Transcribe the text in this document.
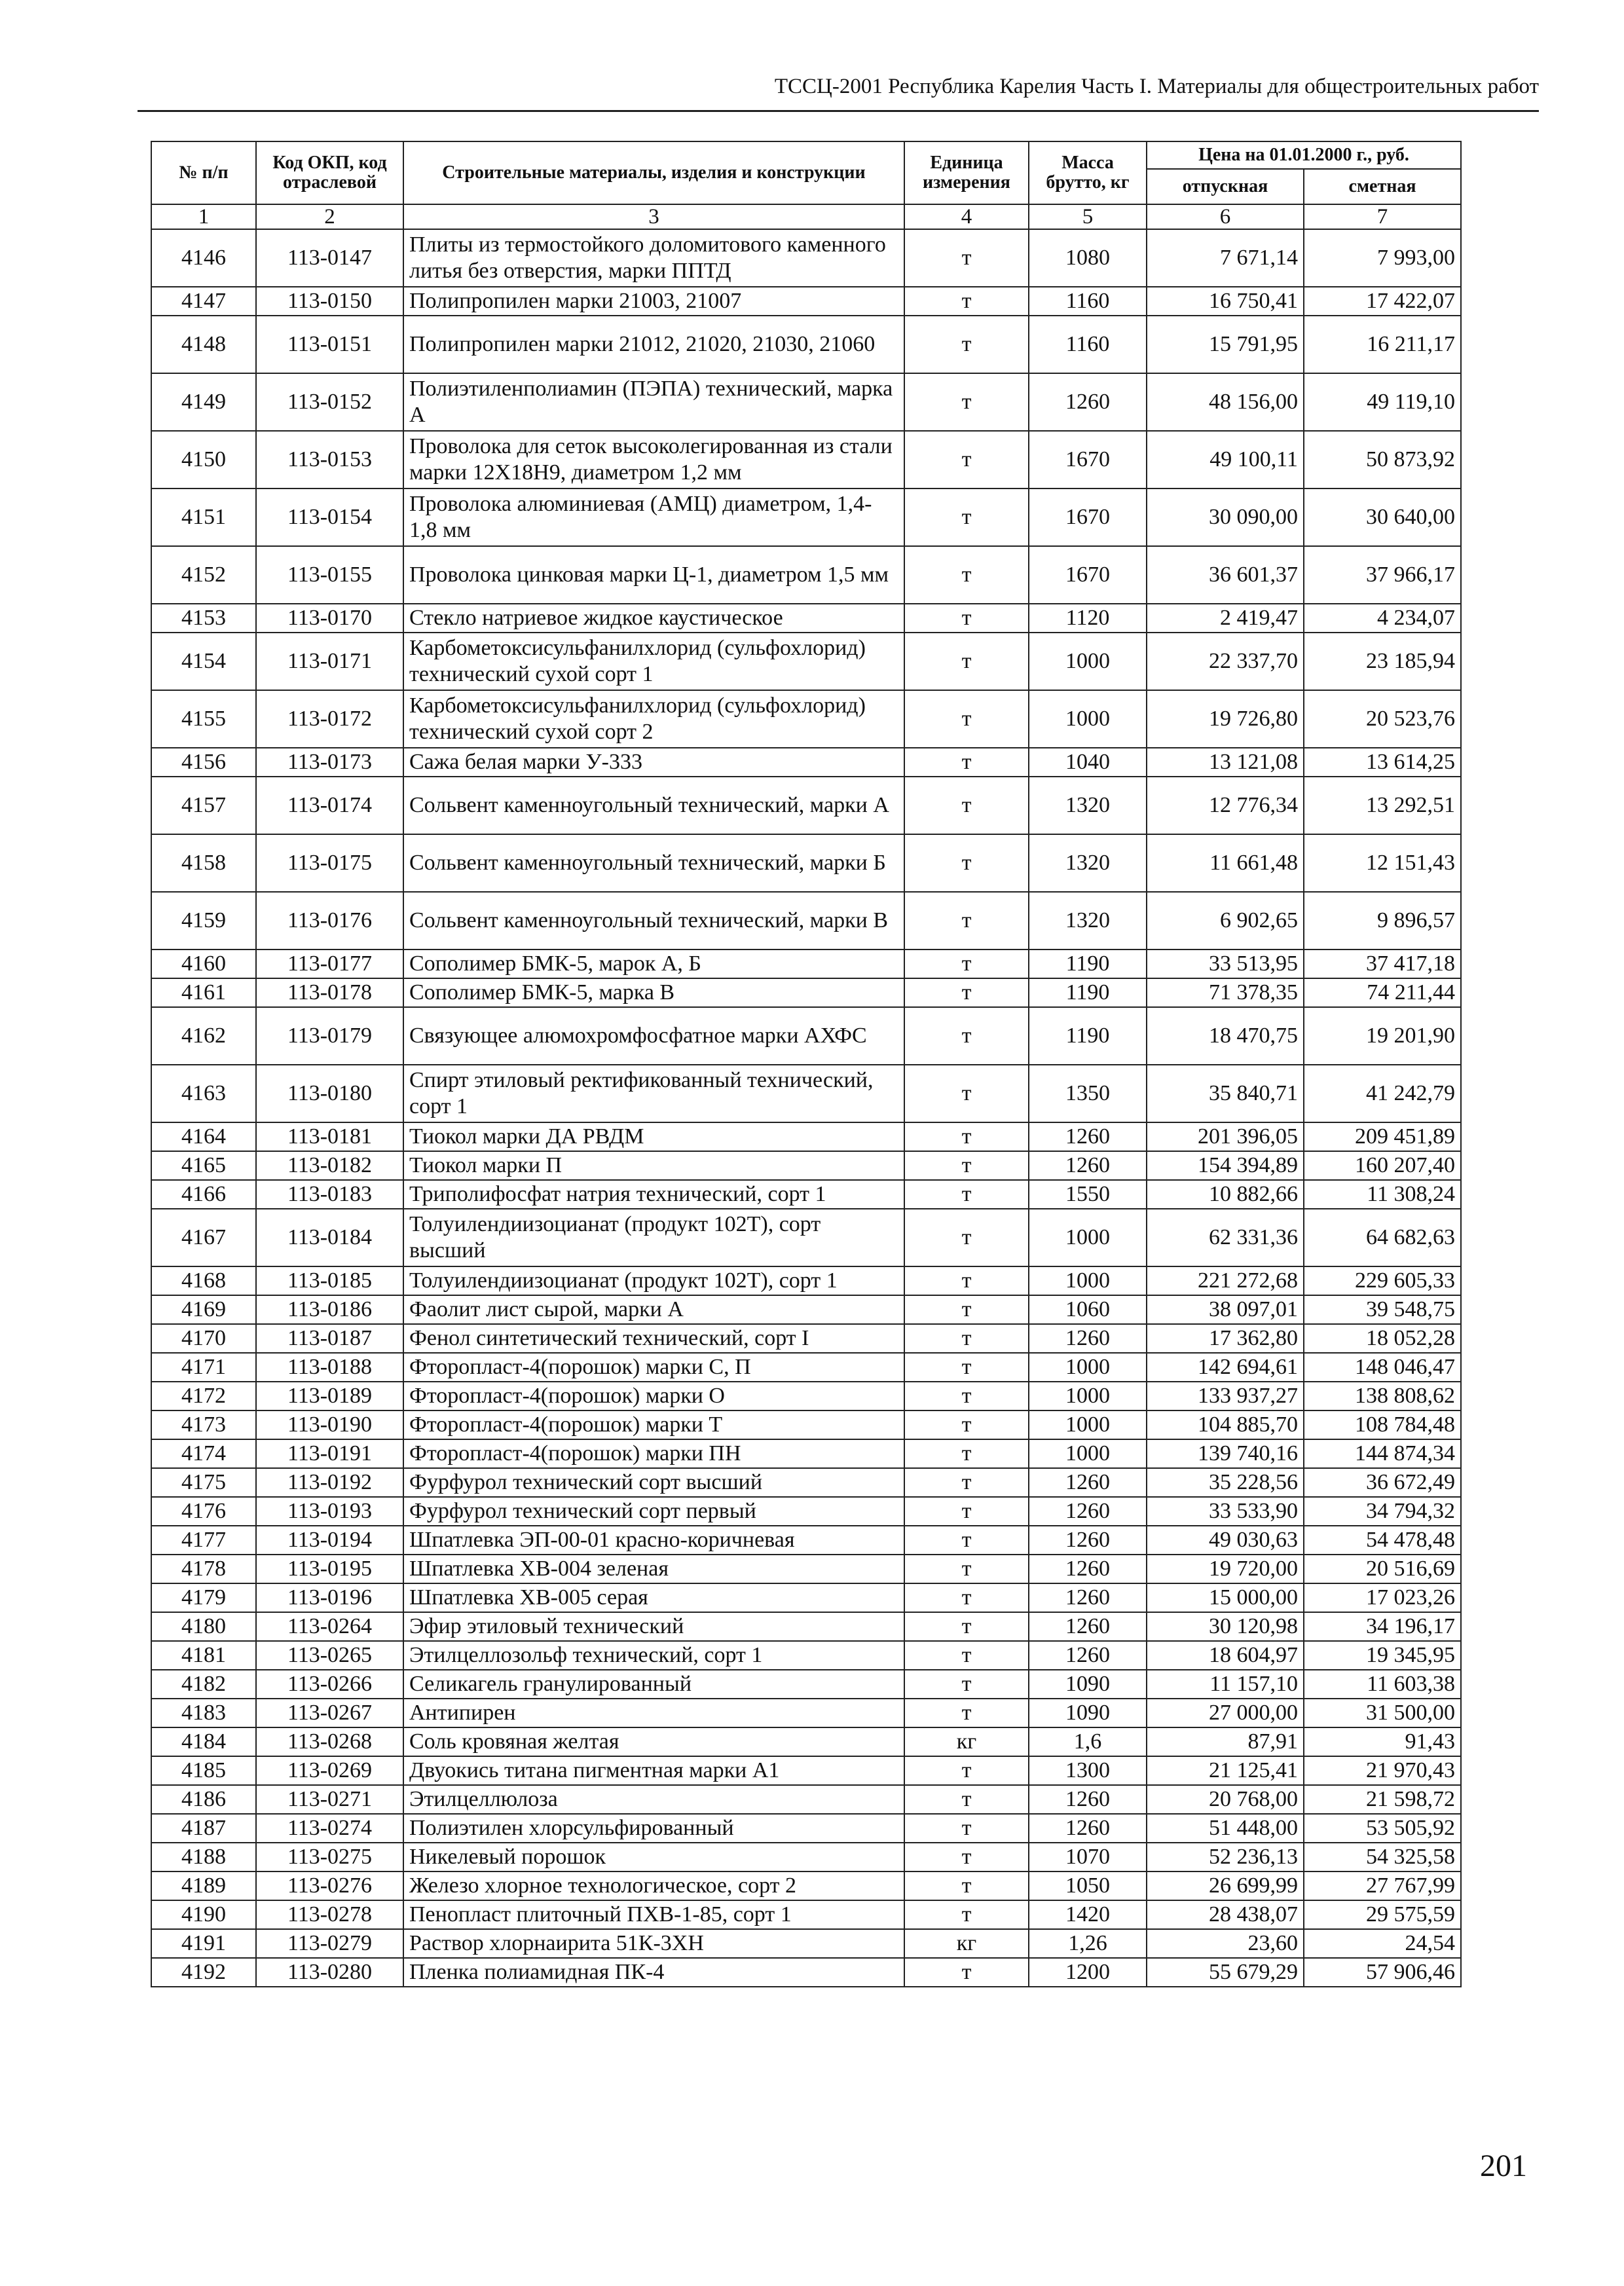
ТССЦ-2001 Республика Карелия Часть I. Материалы для общестроительных работ
№ п/п	Код ОКП, код отраслевой	Строительные материалы, изделия и конструкции	Единица измерения	Масса брутто, кг	Цена на 01.01.2000 г., руб.	
					отпускная	сметная
1	2	3	4	5	6	7
4146	113-0147	Плиты из термостойкого доломитового каменного литья без отверстия, марки ППТД	т	1080	7 671,14	7 993,00
4147	113-0150	Полипропилен марки 21003, 21007	т	1160	16 750,41	17 422,07
4148	113-0151	Полипропилен марки 21012, 21020, 21030, 21060	т	1160	15 791,95	16 211,17
4149	113-0152	Полиэтиленполиамин (ПЭПА) технический, марка А	т	1260	48 156,00	49 119,10
4150	113-0153	Проволока для сеток высоколегированная из стали марки 12Х18Н9, диаметром 1,2 мм	т	1670	49 100,11	50 873,92
4151	113-0154	Проволока алюминиевая (АМЦ) диаметром, 1,4-1,8 мм	т	1670	30 090,00	30 640,00
4152	113-0155	Проволока цинковая марки Ц-1, диаметром 1,5 мм	т	1670	36 601,37	37 966,17
4153	113-0170	Стекло натриевое жидкое каустическое	т	1120	2 419,47	4 234,07
4154	113-0171	Карбометоксисульфанилхлорид (сульфохлорид) технический сухой сорт 1	т	1000	22 337,70	23 185,94
4155	113-0172	Карбометоксисульфанилхлорид (сульфохлорид) технический сухой сорт 2	т	1000	19 726,80	20 523,76
4156	113-0173	Сажа белая марки У-333	т	1040	13 121,08	13 614,25
4157	113-0174	Сольвент каменноугольный технический, марки А	т	1320	12 776,34	13 292,51
4158	113-0175	Сольвент каменноугольный технический, марки Б	т	1320	11 661,48	12 151,43
4159	113-0176	Сольвент каменноугольный технический, марки В	т	1320	6 902,65	9 896,57
4160	113-0177	Сополимер БМК-5, марок А, Б	т	1190	33 513,95	37 417,18
4161	113-0178	Сополимер БМК-5, марка В	т	1190	71 378,35	74 211,44
4162	113-0179	Связующее алюмохромфосфатное марки АХФС	т	1190	18 470,75	19 201,90
4163	113-0180	Спирт этиловый ректификованный технический, сорт 1	т	1350	35 840,71	41 242,79
4164	113-0181	Тиокол марки ДА РВДМ	т	1260	201 396,05	209 451,89
4165	113-0182	Тиокол марки П	т	1260	154 394,89	160 207,40
4166	113-0183	Триполифосфат натрия технический, сорт 1	т	1550	10 882,66	11 308,24
4167	113-0184	Толуилендиизоцианат (продукт 102Т), сорт высший	т	1000	62 331,36	64 682,63
4168	113-0185	Толуилендиизоцианат (продукт 102Т), сорт 1	т	1000	221 272,68	229 605,33
4169	113-0186	Фаолит лист сырой, марки А	т	1060	38 097,01	39 548,75
4170	113-0187	Фенол синтетический технический, сорт I	т	1260	17 362,80	18 052,28
4171	113-0188	Фторопласт-4(порошок) марки С, П	т	1000	142 694,61	148 046,47
4172	113-0189	Фторопласт-4(порошок) марки О	т	1000	133 937,27	138 808,62
4173	113-0190	Фторопласт-4(порошок) марки Т	т	1000	104 885,70	108 784,48
4174	113-0191	Фторопласт-4(порошок) марки ПН	т	1000	139 740,16	144 874,34
4175	113-0192	Фурфурол технический сорт высший	т	1260	35 228,56	36 672,49
4176	113-0193	Фурфурол технический сорт первый	т	1260	33 533,90	34 794,32
4177	113-0194	Шпатлевка ЭП-00-01 красно-коричневая	т	1260	49 030,63	54 478,48
4178	113-0195	Шпатлевка ХВ-004 зеленая	т	1260	19 720,00	20 516,69
4179	113-0196	Шпатлевка ХВ-005 серая	т	1260	15 000,00	17 023,26
4180	113-0264	Эфир этиловый технический	т	1260	30 120,98	34 196,17
4181	113-0265	Этилцеллозольф технический, сорт 1	т	1260	18 604,97	19 345,95
4182	113-0266	Селикагель гранулированный	т	1090	11 157,10	11 603,38
4183	113-0267	Антипирен	т	1090	27 000,00	31 500,00
4184	113-0268	Соль кровяная желтая	кг	1,6	87,91	91,43
4185	113-0269	Двуокись титана пигментная марки А1	т	1300	21 125,41	21 970,43
4186	113-0271	Этилцеллюлоза	т	1260	20 768,00	21 598,72
4187	113-0274	Полиэтилен хлорсульфированный	т	1260	51 448,00	53 505,92
4188	113-0275	Никелевый порошок	т	1070	52 236,13	54 325,58
4189	113-0276	Железо хлорное технологическое, сорт 2	т	1050	26 699,99	27 767,99
4190	113-0278	Пенопласт плиточный ПХВ-1-85, сорт 1	т	1420	28 438,07	29 575,59
4191	113-0279	Раствор хлорнаирита 51К-3ХН	кг	1,26	23,60	24,54
4192	113-0280	Пленка полиамидная ПК-4	т	1200	55 679,29	57 906,46
201
